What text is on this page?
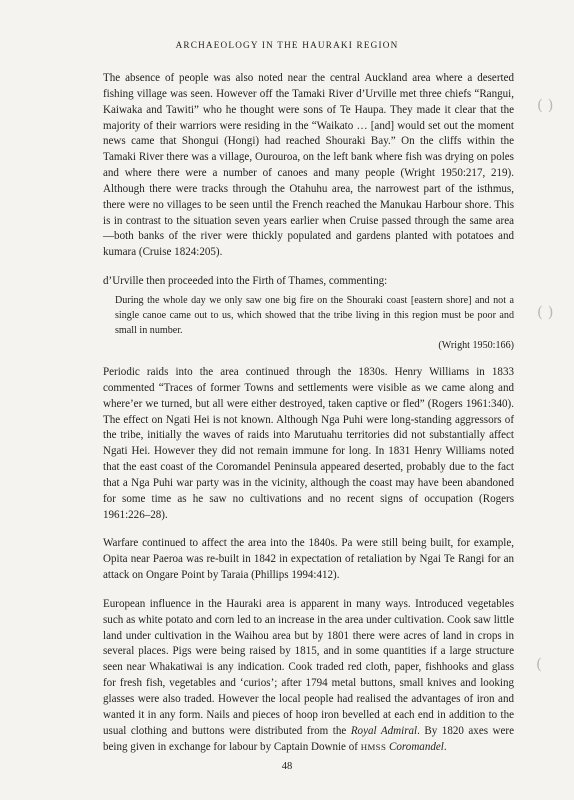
ARCHAEOLOGY IN THE HAURAKI REGION

The absence of people was also noted near the central Auckland area where a deserted fishing village was seen. However off the Tamaki River d’Urville met three chiefs “Rangui, Kaiwaka and Tawiti” who he thought were sons of Te Haupa. They made it clear that the majority of their warriors were residing in the “Waikato … [and] would set out the moment news came that Shongui (Hongi) had reached Shouraki Bay.” On the cliffs within the Tamaki River there was a village, Ourouroa, on the left bank where fish was drying on poles and where there were a number of canoes and many people (Wright 1950:217, 219). Although there were tracks through the Otahuhu area, the narrowest part of the isthmus, there were no villages to be seen until the French reached the Manukau Harbour shore. This is in contrast to the situation seven years earlier when Cruise passed through the same area—both banks of the river were thickly populated and gardens planted with potatoes and kumara (Cruise 1824:205).

d’Urville then proceeded into the Firth of Thames, commenting:

During the whole day we only saw one big fire on the Shouraki coast [eastern shore] and not a single canoe came out to us, which showed that the tribe living in this region must be poor and small in number.
(Wright 1950:166)

Periodic raids into the area continued through the 1830s. Henry Williams in 1833 commented “Traces of former Towns and settlements were visible as we came along and where’er we turned, but all were either destroyed, taken captive or fled” (Rogers 1961:340). The effect on Ngati Hei is not known. Although Nga Puhi were long-standing aggressors of the tribe, initially the waves of raids into Marutuahu territories did not substantially affect Ngati Hei. However they did not remain immune for long. In 1831 Henry Williams noted that the east coast of the Coromandel Peninsula appeared deserted, probably due to the fact that a Nga Puhi war party was in the vicinity, although the coast may have been abandoned for some time as he saw no cultivations and no recent signs of occupation (Rogers 1961:226–28).

Warfare continued to affect the area into the 1840s. Pa were still being built, for example, Opita near Paeroa was re-built in 1842 in expectation of retaliation by Ngai Te Rangi for an attack on Ongare Point by Taraia (Phillips 1994:412).

European influence in the Hauraki area is apparent in many ways. Introduced vegetables such as white potato and corn led to an increase in the area under cultivation. Cook saw little land under cultivation in the Waihou area but by 1801 there were acres of land in crops in several places. Pigs were being raised by 1815, and in some quantities if a large structure seen near Whakatiwai is any indication. Cook traded red cloth, paper, fishhooks and glass for fresh fish, vegetables and ‘curios’; after 1794 metal buttons, small knives and looking glasses were also traded. However the local people had realised the advantages of iron and wanted it in any form. Nails and pieces of hoop iron bevelled at each end in addition to the usual clothing and buttons were distributed from the Royal Admiral. By 1820 axes were being given in exchange for labour by Captain Downie of HMSS Coromandel.

( )
( )
(
48
